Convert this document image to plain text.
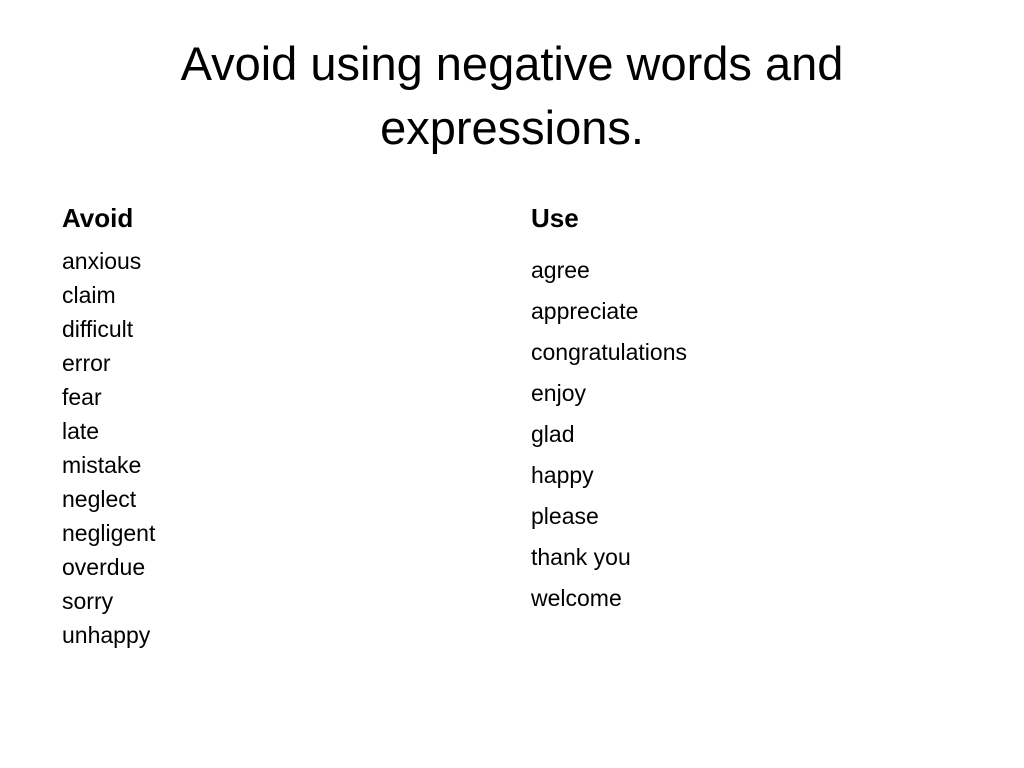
Avoid using negative words and expressions.
Avoid
anxious
claim
difficult
error
fear
late
mistake
neglect
negligent
overdue
sorry
unhappy
Use
agree
appreciate
congratulations
enjoy
glad
happy
please
thank you
welcome
